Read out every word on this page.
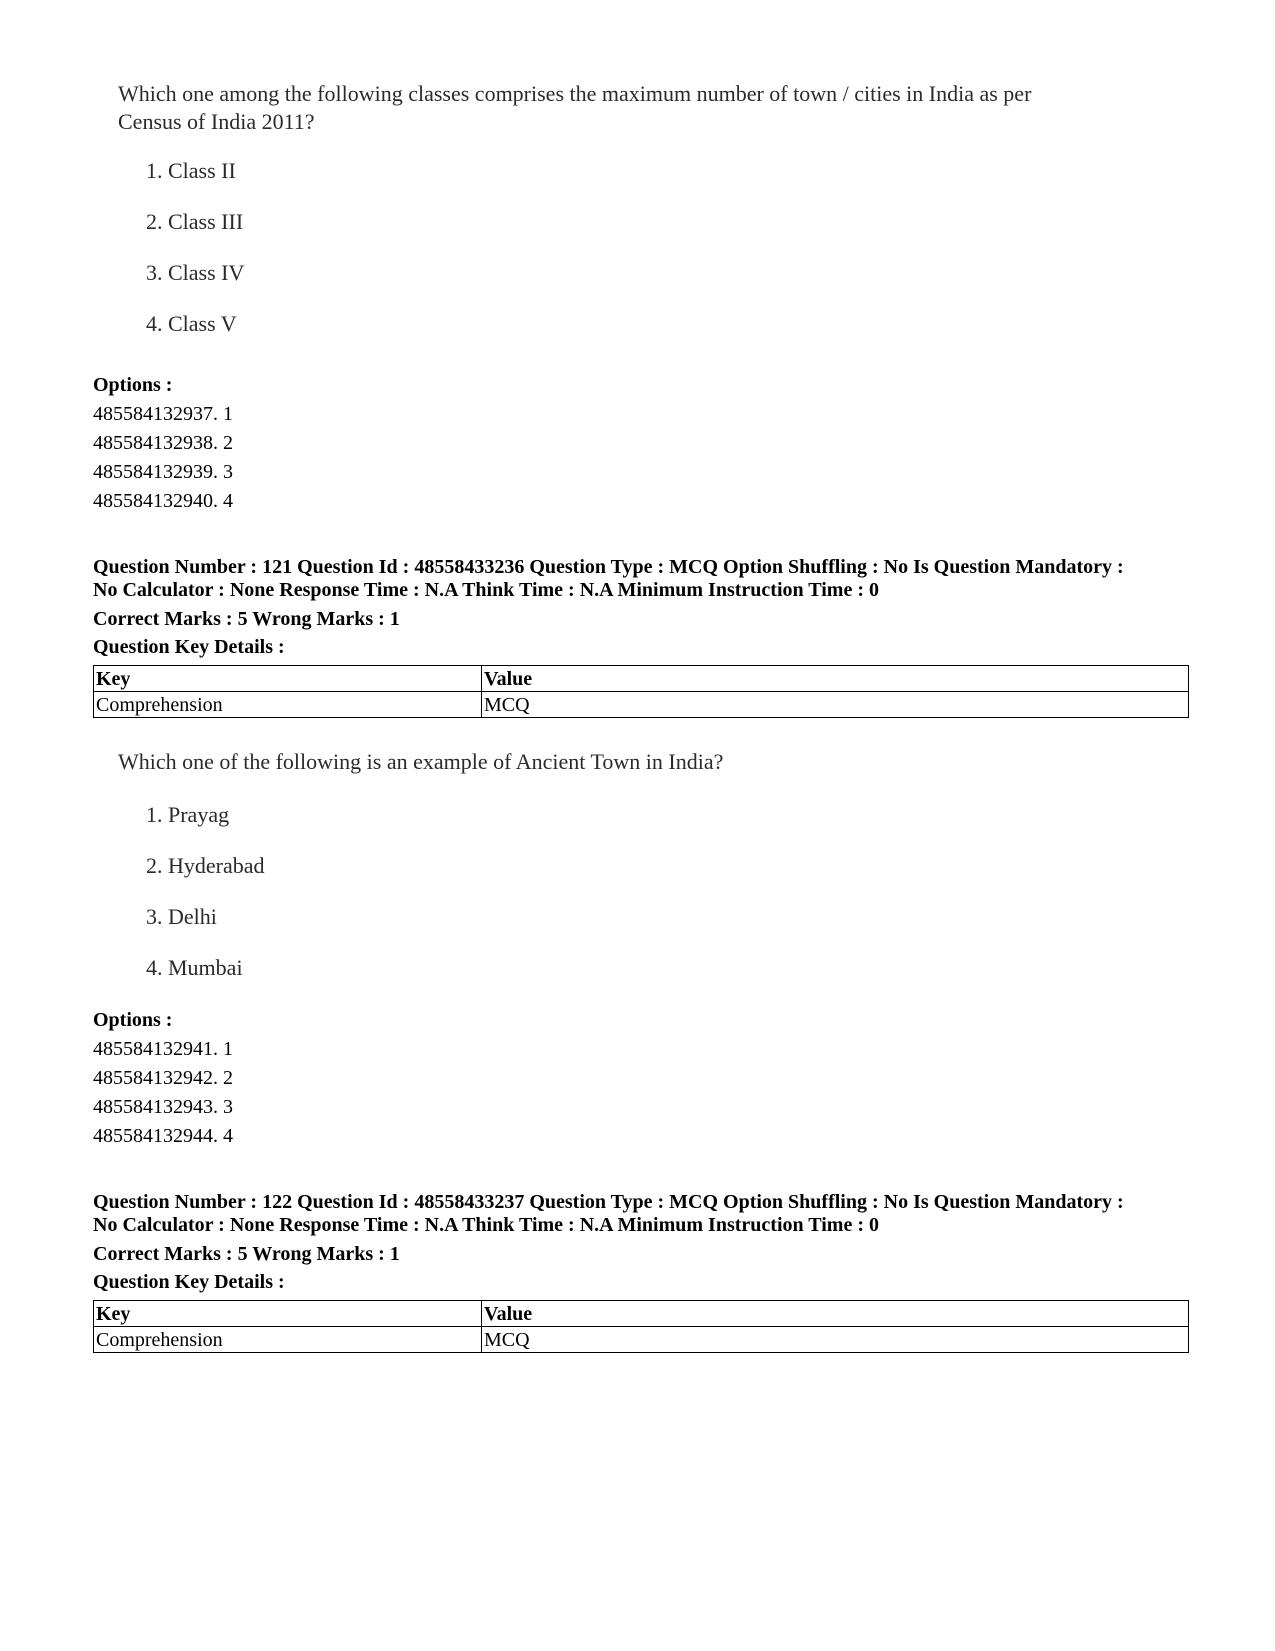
Which one among the following classes comprises the maximum number of town / cities in India as per
Census of India 2011?

1. Class II
2. Class III
3. Class IV
4. Class V
Options :
485584132937. 1
485584132938. 2
485584132939. 3
485584132940. 4
Question Number : 121 Question Id : 48558433236 Question Type : MCQ Option Shuffling : No Is Question Mandatory :
No Calculator : None Response Time : N.A Think Time : N.A Minimum Instruction Time : 0
Correct Marks : 5 Wrong Marks : 1
Question Key Details :
Key	Value
Comprehension	MCQ

Which one of the following is an example of Ancient Town in India?

1. Prayag
2. Hyderabad
3. Delhi
4. Mumbai
Options :
485584132941. 1
485584132942. 2
485584132943. 3
485584132944. 4
Question Number : 122 Question Id : 48558433237 Question Type : MCQ Option Shuffling : No Is Question Mandatory :
No Calculator : None Response Time : N.A Think Time : N.A Minimum Instruction Time : 0
Correct Marks : 5 Wrong Marks : 1
Question Key Details :
Key	Value
Comprehension	MCQ
